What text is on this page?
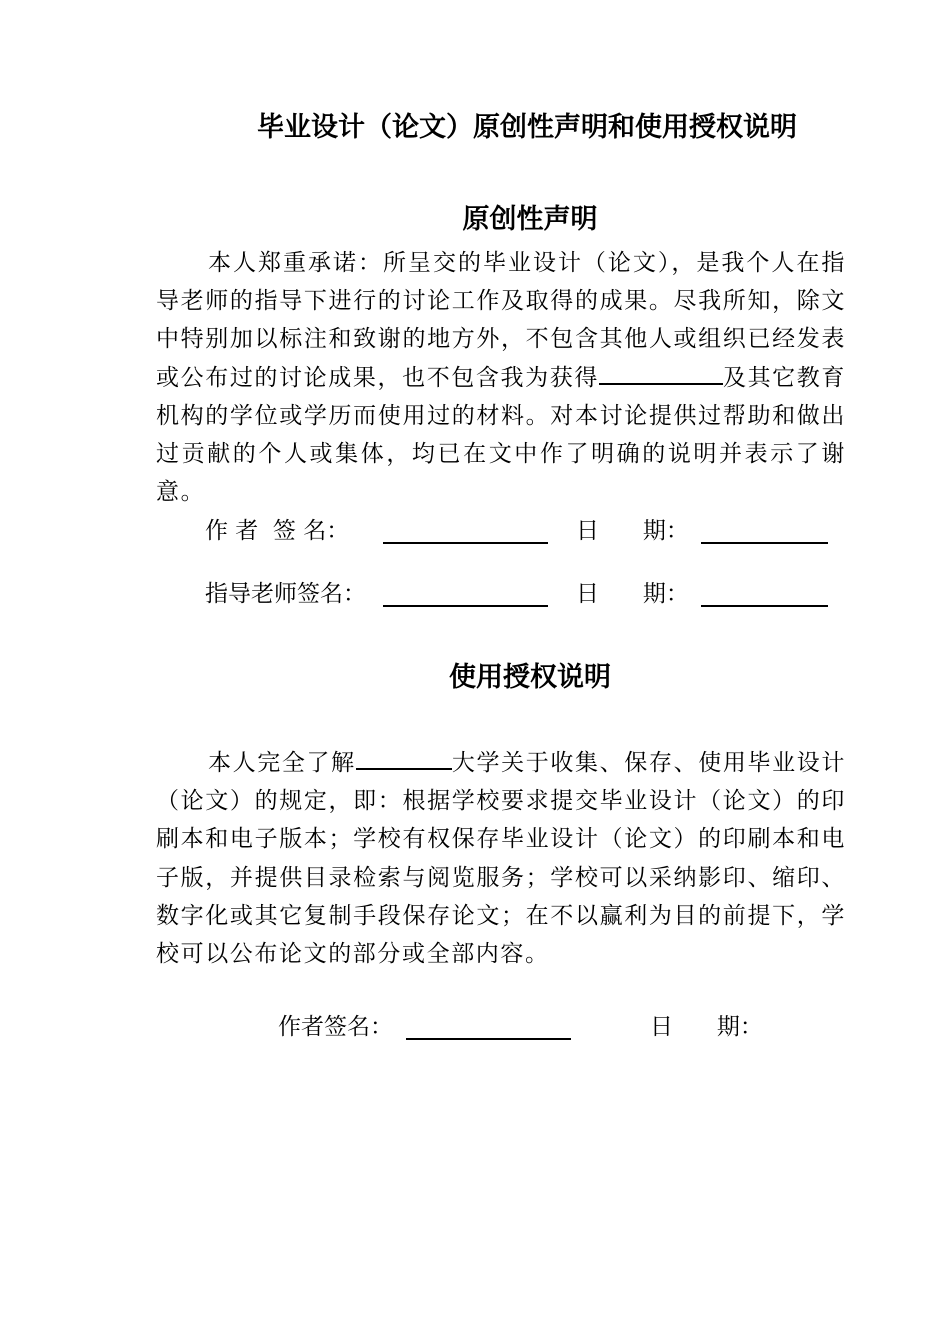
毕业设计（论文）原创性声明和使用授权说明
原创性声明
本人郑重承诺：所呈交的毕业设计（论文），是我个人在指导老师的指导下进行的讨论工作及取得的成果。尽我所知，除文中特别加以标注和致谢的地方外，不包含其他人或组织已经发表或公布过的讨论成果，也不包含我为获得	及其它教育机构的学位或学历而使用过的材料。对本讨论提供过帮助和做出过贡献的个人或集体，均已在文中作了明确的说明并表示了谢意。
作 者  签 名：	日      期：
指导老师签名：	日      期：
使用授权说明
本人完全了解	大学关于收集、保存、使用毕业设计（论文）的规定，即：根据学校要求提交毕业设计（论文）的印刷本和电子版本；学校有权保存毕业设计（论文）的印刷本和电子版，并提供目录检索与阅览服务；学校可以采纳影印、缩印、数字化或其它复制手段保存论文；在不以赢利为目的前提下，学校可以公布论文的部分或全部内容。
作者签名：	日      期：
